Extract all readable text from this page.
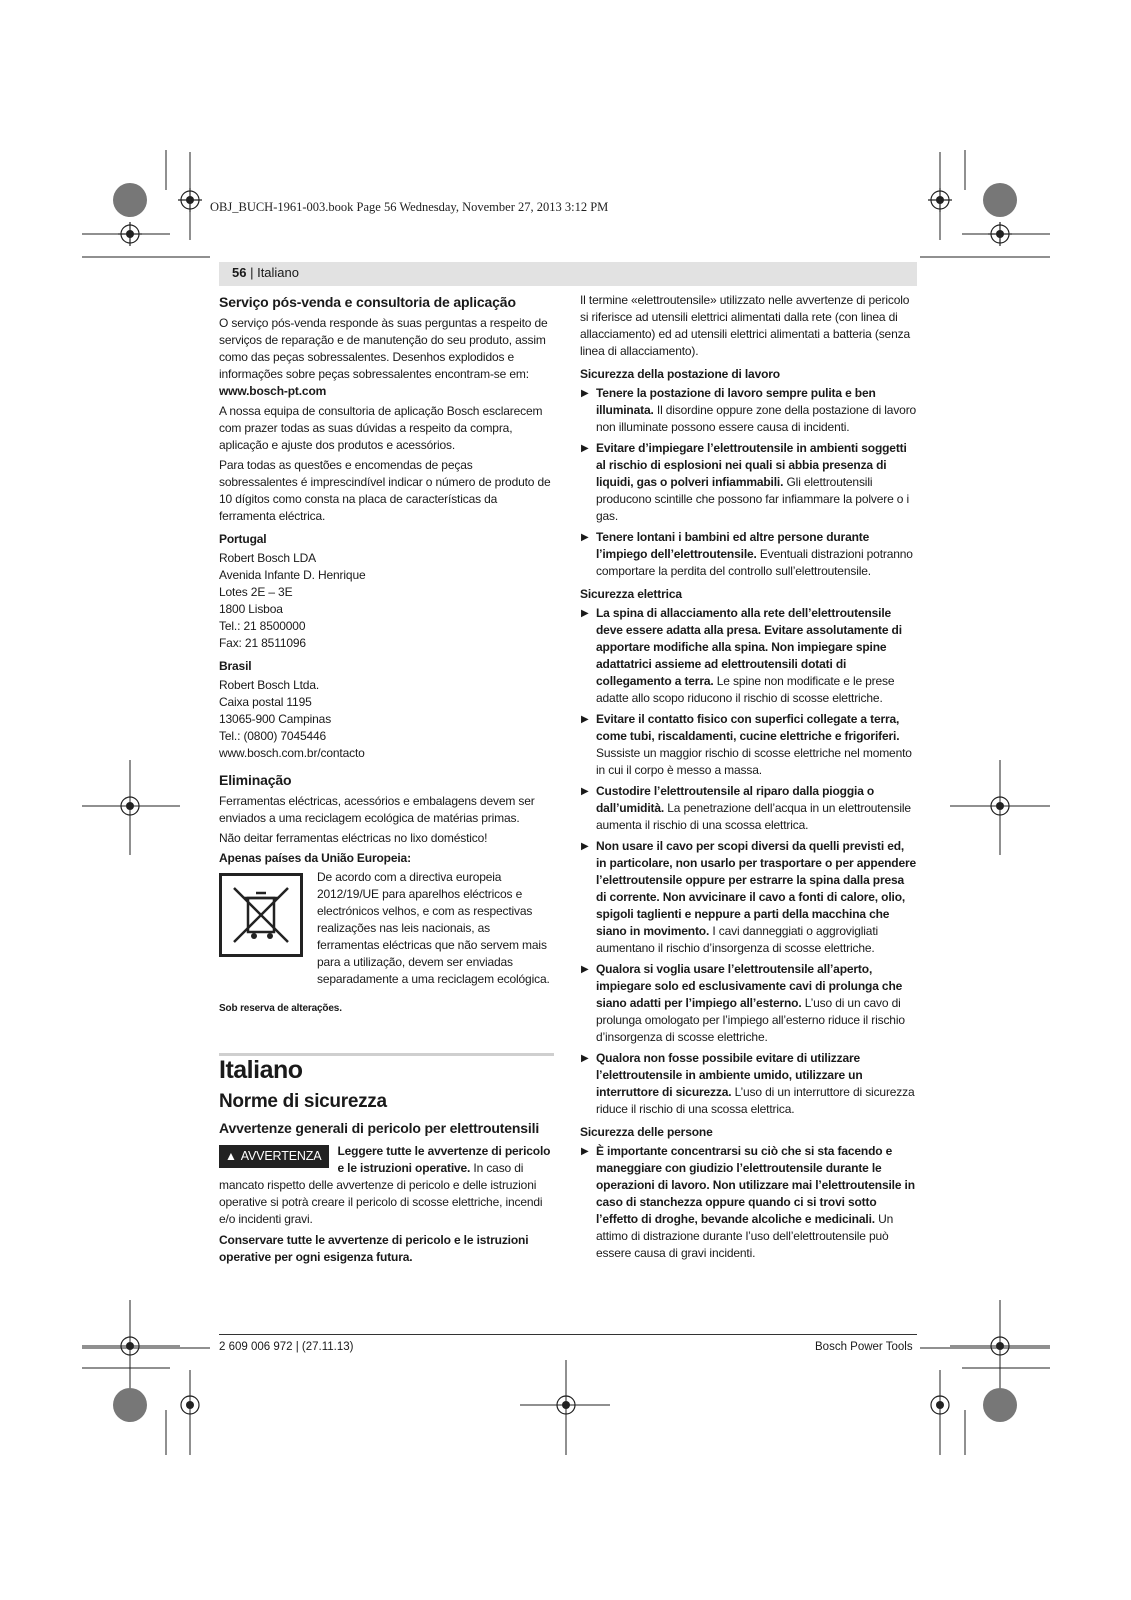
OBJ_BUCH-1961-003.book Page 56 Wednesday, November 27, 2013 3:12 PM
56 | Italiano
Serviço pós-venda e consultoria de aplicação

O serviço pós-venda responde às suas perguntas a respeito de serviços de reparação e de manutenção do seu produto, assim como das peças sobressalentes. Desenhos explodidos e informações sobre peças sobressalentes encontram-se em:
www.bosch-pt.com

A nossa equipa de consultoria de aplicação Bosch esclarecem com prazer todas as suas dúvidas a respeito da compra, aplicação e ajuste dos produtos e acessórios.

Para todas as questões e encomendas de peças sobressalentes é imprescindível indicar o número de produto de 10 dígitos como consta na placa de características da ferramenta eléctrica.

Portugal

Robert Bosch LDA

Avenida Infante D. Henrique

Lotes 2E – 3E

1800 Lisboa

Tel.: 21 8500000

Fax: 21 8511096

Brasil

Robert Bosch Ltda.

Caixa postal 1195

13065-900 Campinas

Tel.: (0800) 7045446

www.bosch.com.br/contacto

Eliminação

Ferramentas eléctricas, acessórios e embalagens devem ser enviados a uma reciclagem ecológica de matérias primas.

Não deitar ferramentas eléctricas no lixo doméstico!

Apenas países da União Europeia:

De acordo com a directiva europeia 2012/19/UE para aparelhos eléctricos e electrónicos velhos, e com as respectivas realizações nas leis nacionais, as ferramentas eléctricas que não servem mais para a utilização, devem ser enviadas separadamente a uma reciclagem ecológica.

Sob reserva de alterações.
Italiano
Norme di sicurezza
Avvertenze generali di pericolo per elettroutensili

▲ AVVERTENZA	Leggere tutte le avvertenze di pericolo e le istruzioni operative. In caso di mancato rispetto delle avvertenze di pericolo e delle istruzioni operative si potrà creare il pericolo di scosse elettriche, incendi e/o incidenti gravi.

Conservare tutte le avvertenze di pericolo e le istruzioni operative per ogni esigenza futura.

Il termine «elettroutensile» utilizzato nelle avvertenze di pericolo si riferisce ad utensili elettrici alimentati dalla rete (con linea di allacciamento) ed ad utensili elettrici alimentati a batteria (senza linea di allacciamento).

Sicurezza della postazione di lavoro
▶ Tenere la postazione di lavoro sempre pulita e ben illuminata. Il disordine oppure zone della postazione di lavoro non illuminate possono essere causa di incidenti.
▶ Evitare d’impiegare l’elettroutensile in ambienti soggetti al rischio di esplosioni nei quali si abbia presenza di liquidi, gas o polveri infiammabili. Gli elettroutensili producono scintille che possono far infiammare la polvere o i gas.
▶ Tenere lontani i bambini ed altre persone durante l’impiego dell’elettroutensile. Eventuali distrazioni potranno comportare la perdita del controllo sull’elettroutensile.
Sicurezza elettrica
▶ La spina di allacciamento alla rete dell’elettroutensile deve essere adatta alla presa. Evitare assolutamente di apportare modifiche alla spina. Non impiegare spine adattatrici assieme ad elettroutensili dotati di collegamento a terra. Le spine non modificate e le prese adatte allo scopo riducono il rischio di scosse elettriche.
▶ Evitare il contatto fisico con superfici collegate a terra, come tubi, riscaldamenti, cucine elettriche e frigoriferi. Sussiste un maggior rischio di scosse elettriche nel momento in cui il corpo è messo a massa.
▶ Custodire l’elettroutensile al riparo dalla pioggia o dall’umidità. La penetrazione dell’acqua in un elettroutensile aumenta il rischio di una scossa elettrica.
▶ Non usare il cavo per scopi diversi da quelli previsti ed, in particolare, non usarlo per trasportare o per appendere l’elettroutensile oppure per estrarre la spina dalla presa di corrente. Non avvicinare il cavo a fonti di calore, olio, spigoli taglienti e neppure a parti della macchina che siano in movimento. I cavi danneggiati o aggrovigliati aumentano il rischio d’insorgenza di scosse elettriche.
▶ Qualora si voglia usare l’elettroutensile all’aperto, impiegare solo ed esclusivamente cavi di prolunga che siano adatti per l’impiego all’esterno. L’uso di un cavo di prolunga omologato per l’impiego all’esterno riduce il rischio d’insorgenza di scosse elettriche.
▶ Qualora non fosse possibile evitare di utilizzare l’elettroutensile in ambiente umido, utilizzare un interruttore di sicurezza. L’uso di un interruttore di sicurezza riduce il rischio di una scossa elettrica.
Sicurezza delle persone
▶ È importante concentrarsi su ciò che si sta facendo e maneggiare con giudizio l’elettroutensile durante le operazioni di lavoro. Non utilizzare mai l’elettroutensile in caso di stanchezza oppure quando ci si trovi sotto l’effetto di droghe, bevande alcoliche e medicinali. Un attimo di distrazione durante l’uso dell’elettroutensile può essere causa di gravi incidenti.
2 609 006 972 | (27.11.13)	Bosch Power Tools
